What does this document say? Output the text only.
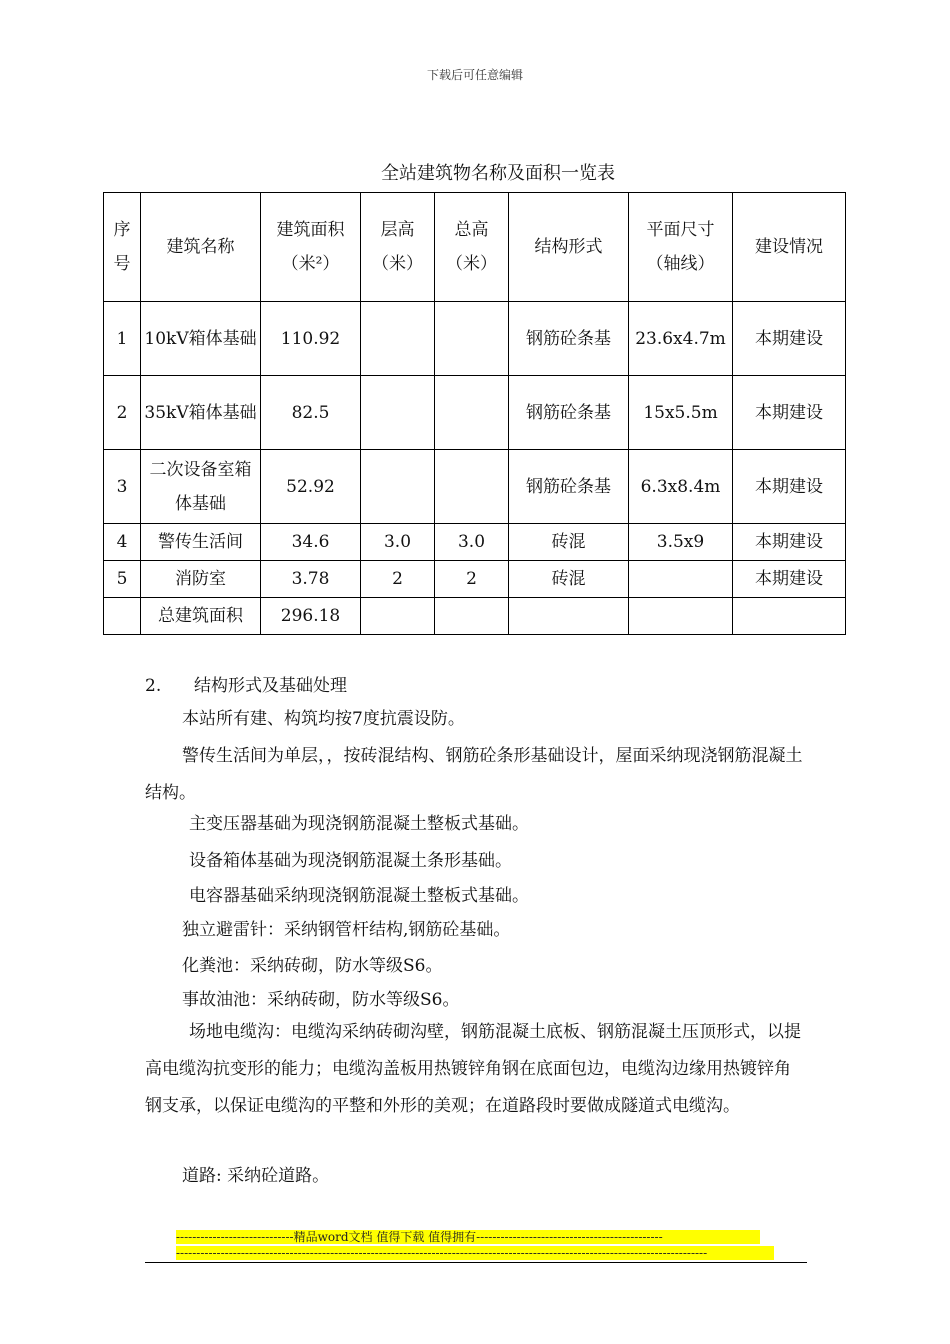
下载后可任意编辑
全站建筑物名称及面积一览表
序号	建筑名称	建筑面积（米²）	层高（米）	总高（米）	结构形式	平面尺寸（轴线）	建设情况
1	10kV箱体基础	110.92			钢筋砼条基	23.6x4.7m	本期建设
2	35kV箱体基础	82.5			钢筋砼条基	15x5.5m	本期建设
3	二次设备室箱体基础	52.92			钢筋砼条基	6.3x8.4m	本期建设
4	警传生活间	34.6	3.0	3.0	砖混	3.5x9	本期建设
5	消防室	3.78	2	2	砖混		本期建设
	总建筑面积	296.18					
2. 结构形式及基础处理

本站所有建、构筑均按7度抗震设防。

警传生活间为单层，，按砖混结构、钢筋砼条形基础设计，屋面采纳现浇钢筋混凝土结构。

主变压器基础为现浇钢筋混凝土整板式基础。

设备箱体基础为现浇钢筋混凝土条形基础。

电容器基础采纳现浇钢筋混凝土整板式基础。

独立避雷针：采纳钢管杆结构,钢筋砼基础。

化粪池：采纳砖砌，防水等级S6。

事故油池：采纳砖砌，防水等级S6。

场地电缆沟：电缆沟采纳砖砌沟壁，钢筋混凝土底板、钢筋混凝土压顶形式，以提高电缆沟抗变形的能力；电缆沟盖板用热镀锌角钢在底面包边，电缆沟边缘用热镀锌角钢支承，以保证电缆沟的平整和外形的美观；在道路段时要做成隧道式电缆沟。

道路: 采纳砼道路。

-----------------------------精品word文档 值得下载 值得拥有----------------------------------------------
-----------------------------------------------------------------------------------------------------------------------------------
